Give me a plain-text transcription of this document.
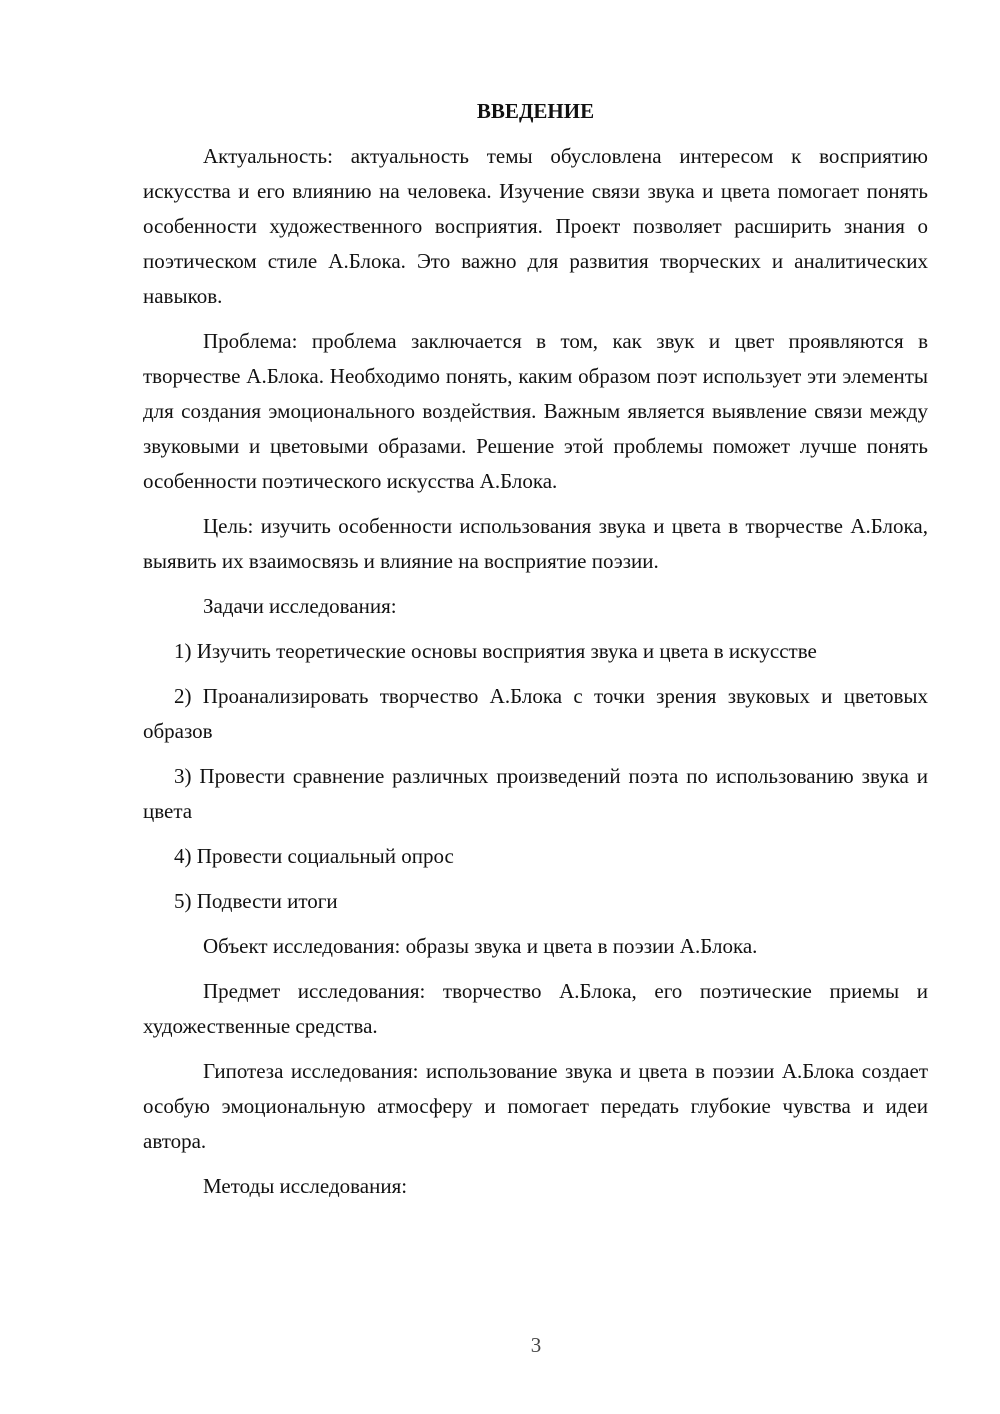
ВВЕДЕНИЕ

Актуальность: актуальность темы обусловлена интересом к восприятию искусства и его влиянию на человека. Изучение связи звука и цвета помогает понять особенности художественного восприятия. Проект позволяет расширить знания о поэтическом стиле А.Блока. Это важно для развития творческих и аналитических навыков.

Проблема: проблема заключается в том, как звук и цвет проявляются в творчестве А.Блока. Необходимо понять, каким образом поэт использует эти элементы для создания эмоционального воздействия. Важным является выявление связи между звуковыми и цветовыми образами. Решение этой проблемы поможет лучше понять особенности поэтического искусства А.Блока.

Цель: изучить особенности использования звука и цвета в творчестве А.Блока, выявить их взаимосвязь и влияние на восприятие поэзии.

Задачи исследования:

1) Изучить теоретические основы восприятия звука и цвета в искусстве

2) Проанализировать творчество А.Блока с точки зрения звуковых и цветовых образов

3) Провести сравнение различных произведений поэта по использованию звука и цвета

4) Провести социальный опрос

5) Подвести итоги

Объект исследования: образы звука и цвета в поэзии А.Блока.

Предмет исследования: творчество А.Блока, его поэтические приемы и художественные средства.

Гипотеза исследования: использование звука и цвета в поэзии А.Блока создает особую эмоциональную атмосферу и помогает передать глубокие чувства и идеи автора.

Методы исследования:

3
